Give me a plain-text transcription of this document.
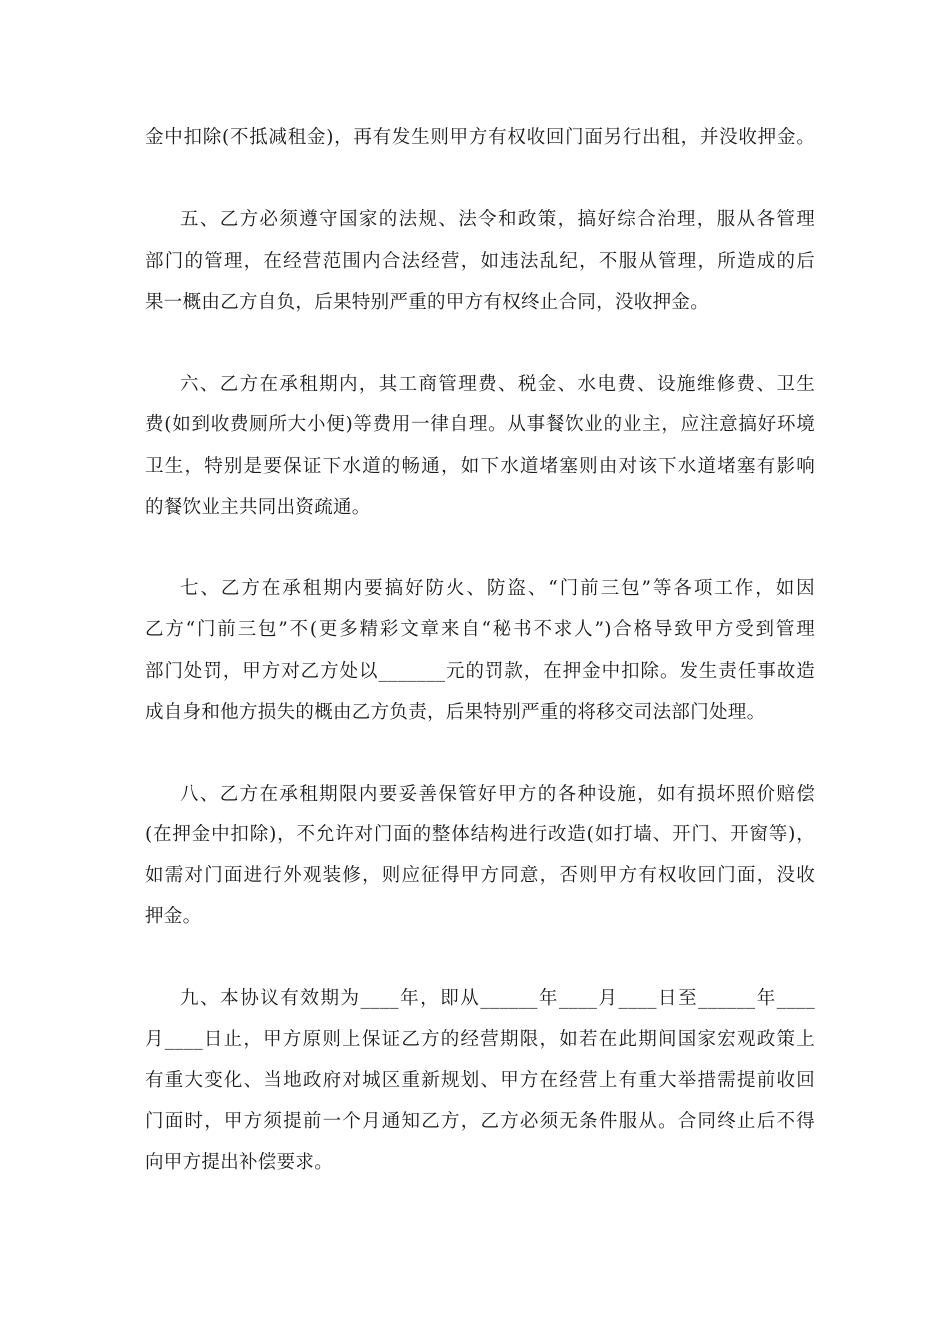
金中扣除(不抵减租金)，再有发生则甲方有权收回门面另行出租，并没收押金。
五、乙方必须遵守国家的法规、法令和政策，搞好综合治理，服从各管理
部门的管理，在经营范围内合法经营，如违法乱纪，不服从管理，所造成的后
果一概由乙方自负，后果特别严重的甲方有权终止合同，没收押金。
六、乙方在承租期内，其工商管理费、税金、水电费、设施维修费、卫生
费(如到收费厕所大小便)等费用一律自理。从事餐饮业的业主，应注意搞好环境
卫生，特别是要保证下水道的畅通，如下水道堵塞则由对该下水道堵塞有影响
的餐饮业主共同出资疏通。
七、乙方在承租期内要搞好防火、防盗、“门前三包”等各项工作，如因
乙方“门前三包”不(更多精彩文章来自“秘书不求人”)合格导致甲方受到管理
部门处罚，甲方对乙方处以_______元的罚款，在押金中扣除。发生责任事故造
成自身和他方损失的概由乙方负责，后果特别严重的将移交司法部门处理。
八、乙方在承租期限内要妥善保管好甲方的各种设施，如有损坏照价赔偿
(在押金中扣除)，不允许对门面的整体结构进行改造(如打墙、开门、开窗等)，
如需对门面进行外观装修，则应征得甲方同意，否则甲方有权收回门面，没收
押金。
九、本协议有效期为____年，即从______年____月____日至______年____
月____日止，甲方原则上保证乙方的经营期限，如若在此期间国家宏观政策上
有重大变化、当地政府对城区重新规划、甲方在经营上有重大举措需提前收回
门面时，甲方须提前一个月通知乙方，乙方必须无条件服从。合同终止后不得
向甲方提出补偿要求。
